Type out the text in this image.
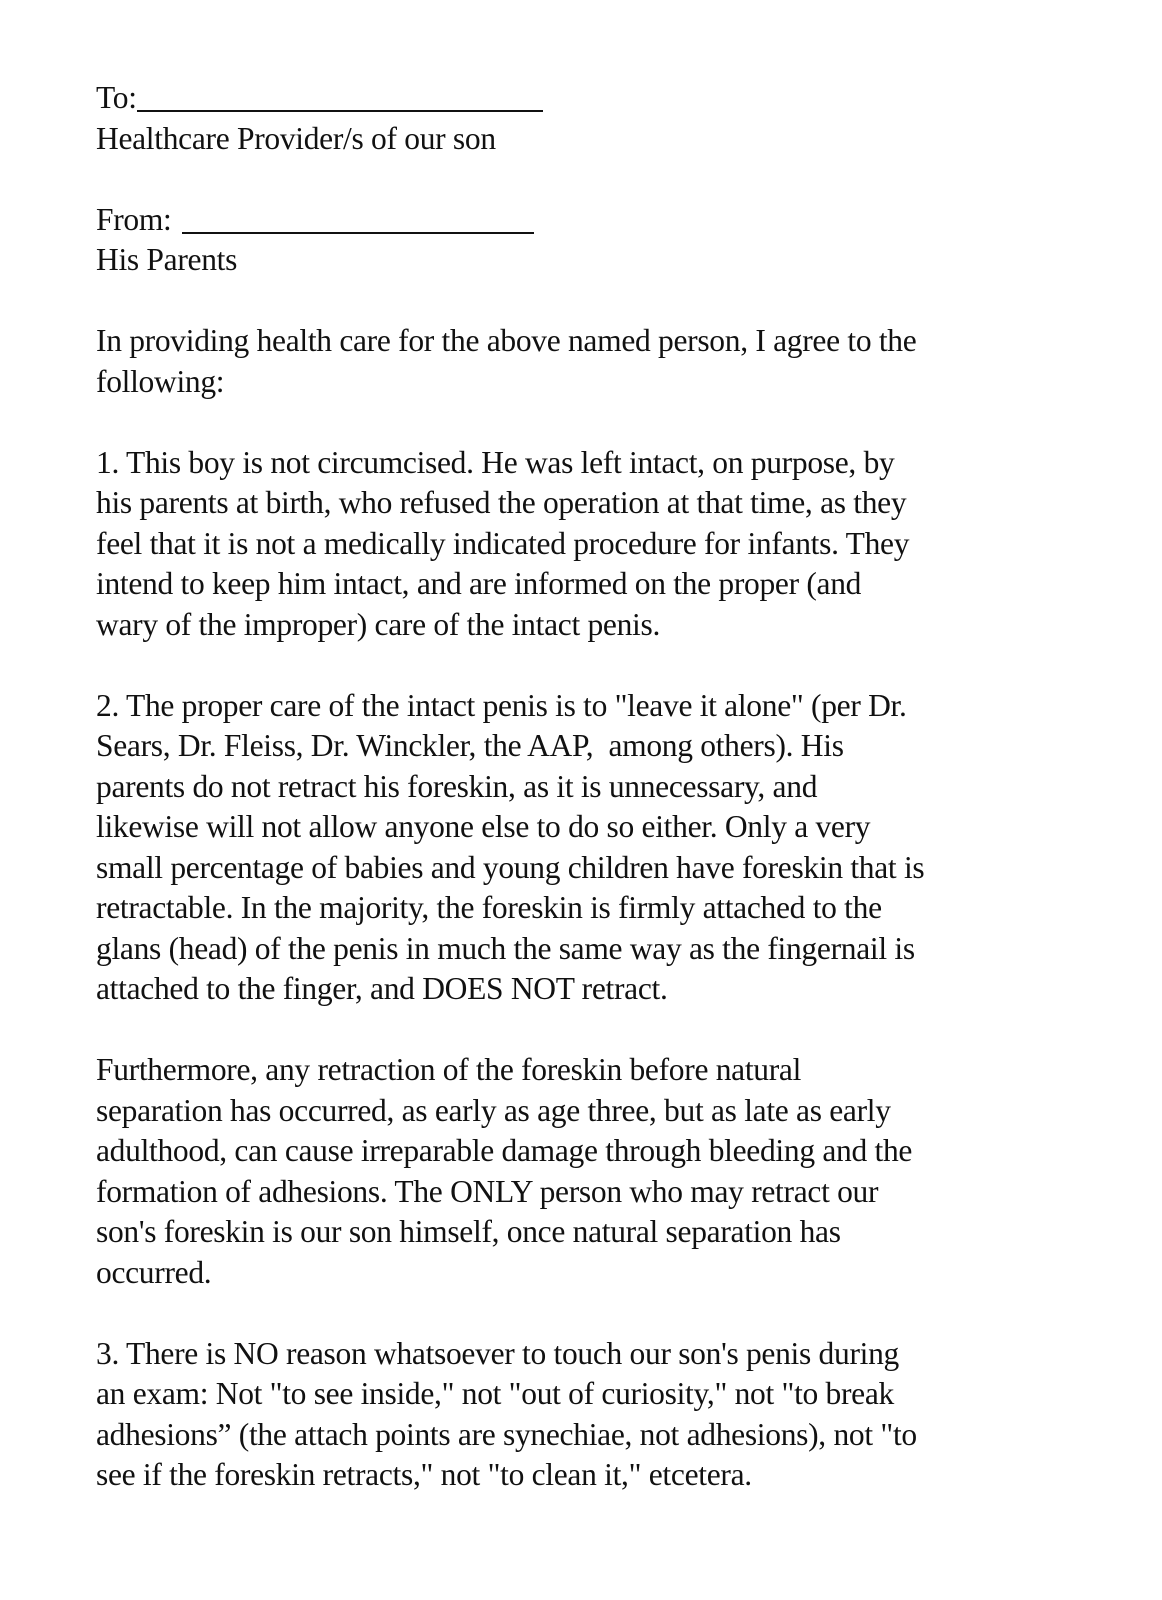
To:
Healthcare Provider/s of our son
From:
His Parents
In providing health care for the above named person, I agree to the
following:
1. This boy is not circumcised. He was left intact, on purpose, by
his parents at birth, who refused the operation at that time, as they
feel that it is not a medically indicated procedure for infants. They
intend to keep him intact, and are informed on the proper (and
wary of the improper) care of the intact penis.
2. The proper care of the intact penis is to "leave it alone" (per Dr.
Sears, Dr. Fleiss, Dr. Winckler, the AAP,  among others). His
parents do not retract his foreskin, as it is unnecessary, and
likewise will not allow anyone else to do so either. Only a very
small percentage of babies and young children have foreskin that is
retractable. In the majority, the foreskin is firmly attached to the
glans (head) of the penis in much the same way as the fingernail is
attached to the finger, and DOES NOT retract.
Furthermore, any retraction of the foreskin before natural
separation has occurred, as early as age three, but as late as early
adulthood, can cause irreparable damage through bleeding and the
formation of adhesions. The ONLY person who may retract our
son's foreskin is our son himself, once natural separation has
occurred.
3. There is NO reason whatsoever to touch our son's penis during
an exam: Not "to see inside," not "out of curiosity," not "to break
adhesions” (the attach points are synechiae, not adhesions), not "to
see if the foreskin retracts," not "to clean it," etcetera.
